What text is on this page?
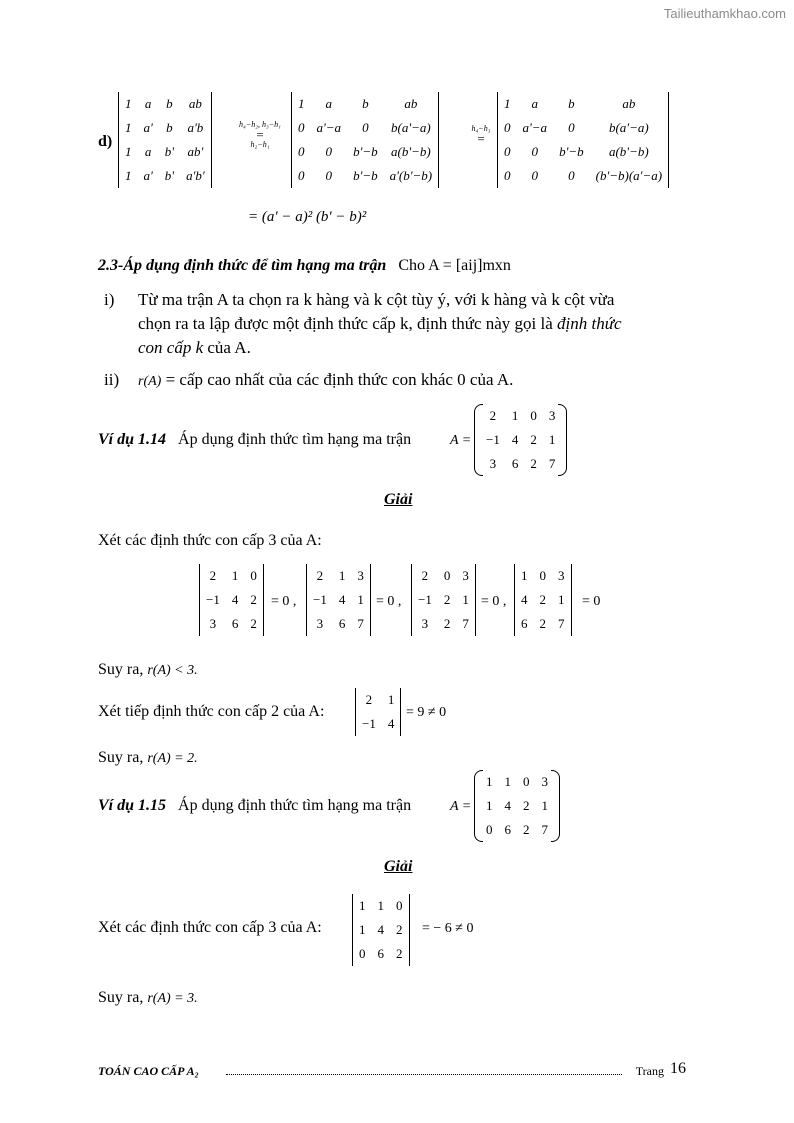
Tailieuthamkhao.com
d)
1	a	b	ab
1	a'	b	a'b
1	a	b'	ab'
1	a'	b'	a'b'
h₄−h₂, h₃−h₁
=
h₂−h₁
1	a	b	ab
0	a'−a	0	b(a'−a)
0	0	b'−b	a(b'−b)
0	0	b'−b	a'(b'−b)
h₄−h₃
=
1	a	b	ab
0	a'−a	0	b(a'−a)
0	0	b'−b	a(b'−b)
0	0	0	(b'−b)(a'−a)
= (a' − a)² (b' − b)²
2.3-Áp dụng định thức để tìm hạng ma trận Cho A = [aij]mxn
i) Từ ma trận A ta chọn ra k hàng và k cột tùy ý, với k hàng và k cột vừa
chọn ra ta lập được một định thức cấp k, định thức này gọi là định thức
con cấp k của A.
ii) r(A) = cấp cao nhất của các định thức con khác 0 của A.
Ví dụ 1.14 Áp dụng định thức tìm hạng ma trận	A =
2	1	0	3
−1	4	2	1
3	6	2	7
Giải
Xét các định thức con cấp 3 của A:
2	1	0
−1	4	2
3	6	2
= 0 ,
2	1	3
−1	4	1
3	6	7
= 0 ,
2	0	3
−1	2	1
3	2	7
= 0 ,
1	0	3
4	2	1
6	2	7
= 0
Suy ra, r(A) < 3.
Xét tiếp định thức con cấp 2 của A:
2	1
−1	4
= 9 ≠ 0
Suy ra, r(A) = 2.
Ví dụ 1.15 Áp dụng định thức tìm hạng ma trận	A =
1	1	0	3
1	4	2	1
0	6	2	7
Giải
Xét các định thức con cấp 3 của A:
1	1	0
1	4	2
0	6	2
= − 6 ≠ 0
Suy ra, r(A) = 3.
TOÁN CAO CẤP A₂	Trang 16
